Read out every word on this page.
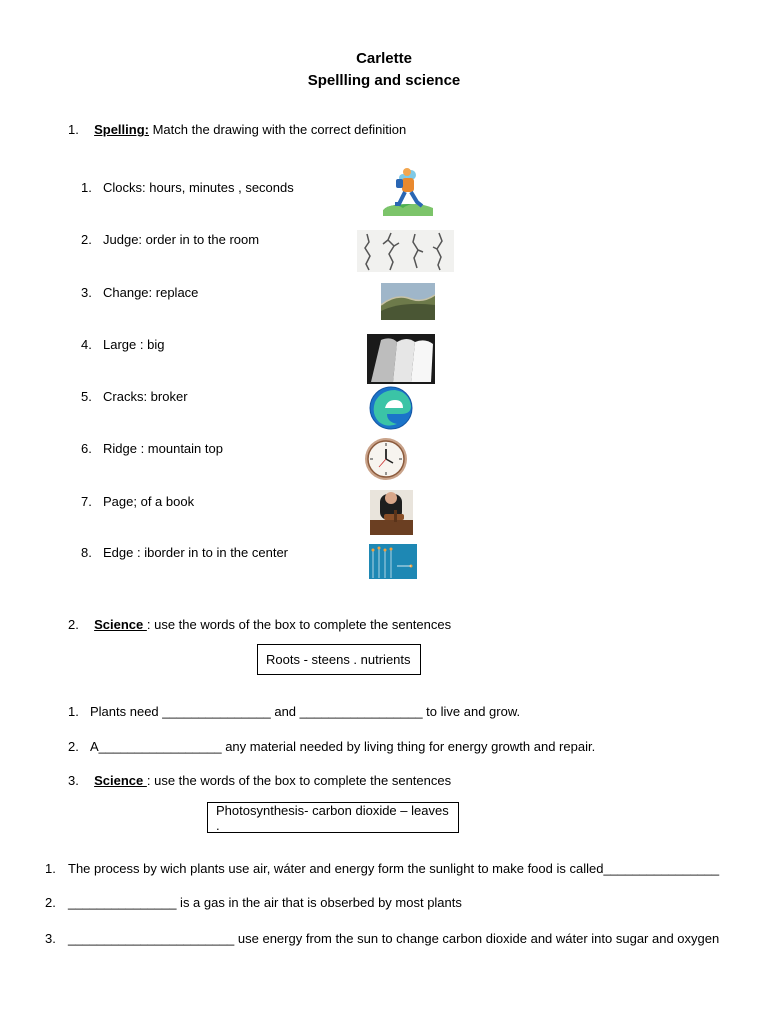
Carlette
Spellling and science
1. Spelling: Match the drawing with the correct definition
1. Clocks: hours, minutes , seconds
2. Judge: order in to the room
3. Change: replace
4. Large : big
5. Cracks: broker
6. Ridge : mountain top
7. Page; of a book
8. Edge : iborder in to in the center
2.  Science : use the words of the box to complete the sentences
Roots - steens . nutrients
1. Plants need _______________ and _________________ to live and grow.
2. A_________________ any material needed by living thing for energy growth and repair.
3. Science : use the words of the box to complete the sentences
Photosynthesis- carbon dioxide – leaves .
1. The process by wich plants use air, wáter and energy form the sunlight to make food is called________________
2. _______________ is a gas in the air that is obserbed by most plants
3. _______________________ use energy from the sun to change carbon dioxide and wáter into sugar and oxygen
